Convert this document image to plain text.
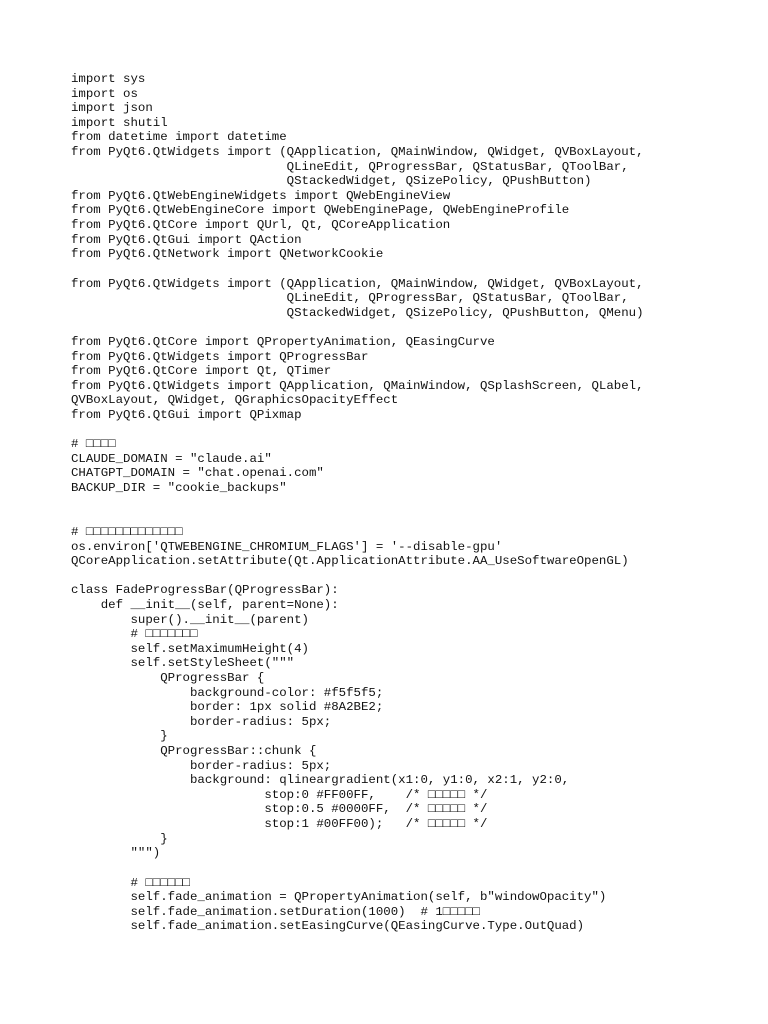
import sys
import os
import json
import shutil
from datetime import datetime
from PyQt6.QtWidgets import (QApplication, QMainWindow, QWidget, QVBoxLayout,
QLineEdit, QProgressBar, QStatusBar, QToolBar,
QStackedWidget, QSizePolicy, QPushButton)
from PyQt6.QtWebEngineWidgets import QWebEngineView
from PyQt6.QtWebEngineCore import QWebEnginePage, QWebEngineProfile
from PyQt6.QtCore import QUrl, Qt, QCoreApplication
from PyQt6.QtGui import QAction
from PyQt6.QtNetwork import QNetworkCookie
from PyQt6.QtWidgets import (QApplication, QMainWindow, QWidget, QVBoxLayout,
QLineEdit, QProgressBar, QStatusBar, QToolBar,
QStackedWidget, QSizePolicy, QPushButton, QMenu)
from PyQt6.QtCore import QPropertyAnimation, QEasingCurve
from PyQt6.QtWidgets import QProgressBar
from PyQt6.QtCore import Qt, QTimer
from PyQt6.QtWidgets import QApplication, QMainWindow, QSplashScreen, QLabel,
QVBoxLayout, QWidget, QGraphicsOpacityEffect
from PyQt6.QtGui import QPixmap
# □□□□
CLAUDE_DOMAIN = "claude.ai"
CHATGPT_DOMAIN = "chat.openai.com"
BACKUP_DIR = "cookie_backups"
# □□□□□□□□□□□□□
os.environ['QTWEBENGINE_CHROMIUM_FLAGS'] = '--disable-gpu'
QCoreApplication.setAttribute(Qt.ApplicationAttribute.AA_UseSoftwareOpenGL)
class FadeProgressBar(QProgressBar):
def __init__(self, parent=None):
super().__init__(parent)
# □□□□□□□
self.setMaximumHeight(4)
self.setStyleSheet("""
QProgressBar {
background-color: #f5f5f5;
border: 1px solid #8A2BE2;
border-radius: 5px;
}
QProgressBar::chunk {
border-radius: 5px;
background: qlineargradient(x1:0, y1:0, x2:1, y2:0,
stop:0 #FF00FF,    /* □□□□□ */
stop:0.5 #0000FF,  /* □□□□□ */
stop:1 #00FF00);   /* □□□□□ */
}
""")
# □□□□□□
self.fade_animation = QPropertyAnimation(self, b"windowOpacity")
self.fade_animation.setDuration(1000)  # 1□□□□□
self.fade_animation.setEasingCurve(QEasingCurve.Type.OutQuad)
